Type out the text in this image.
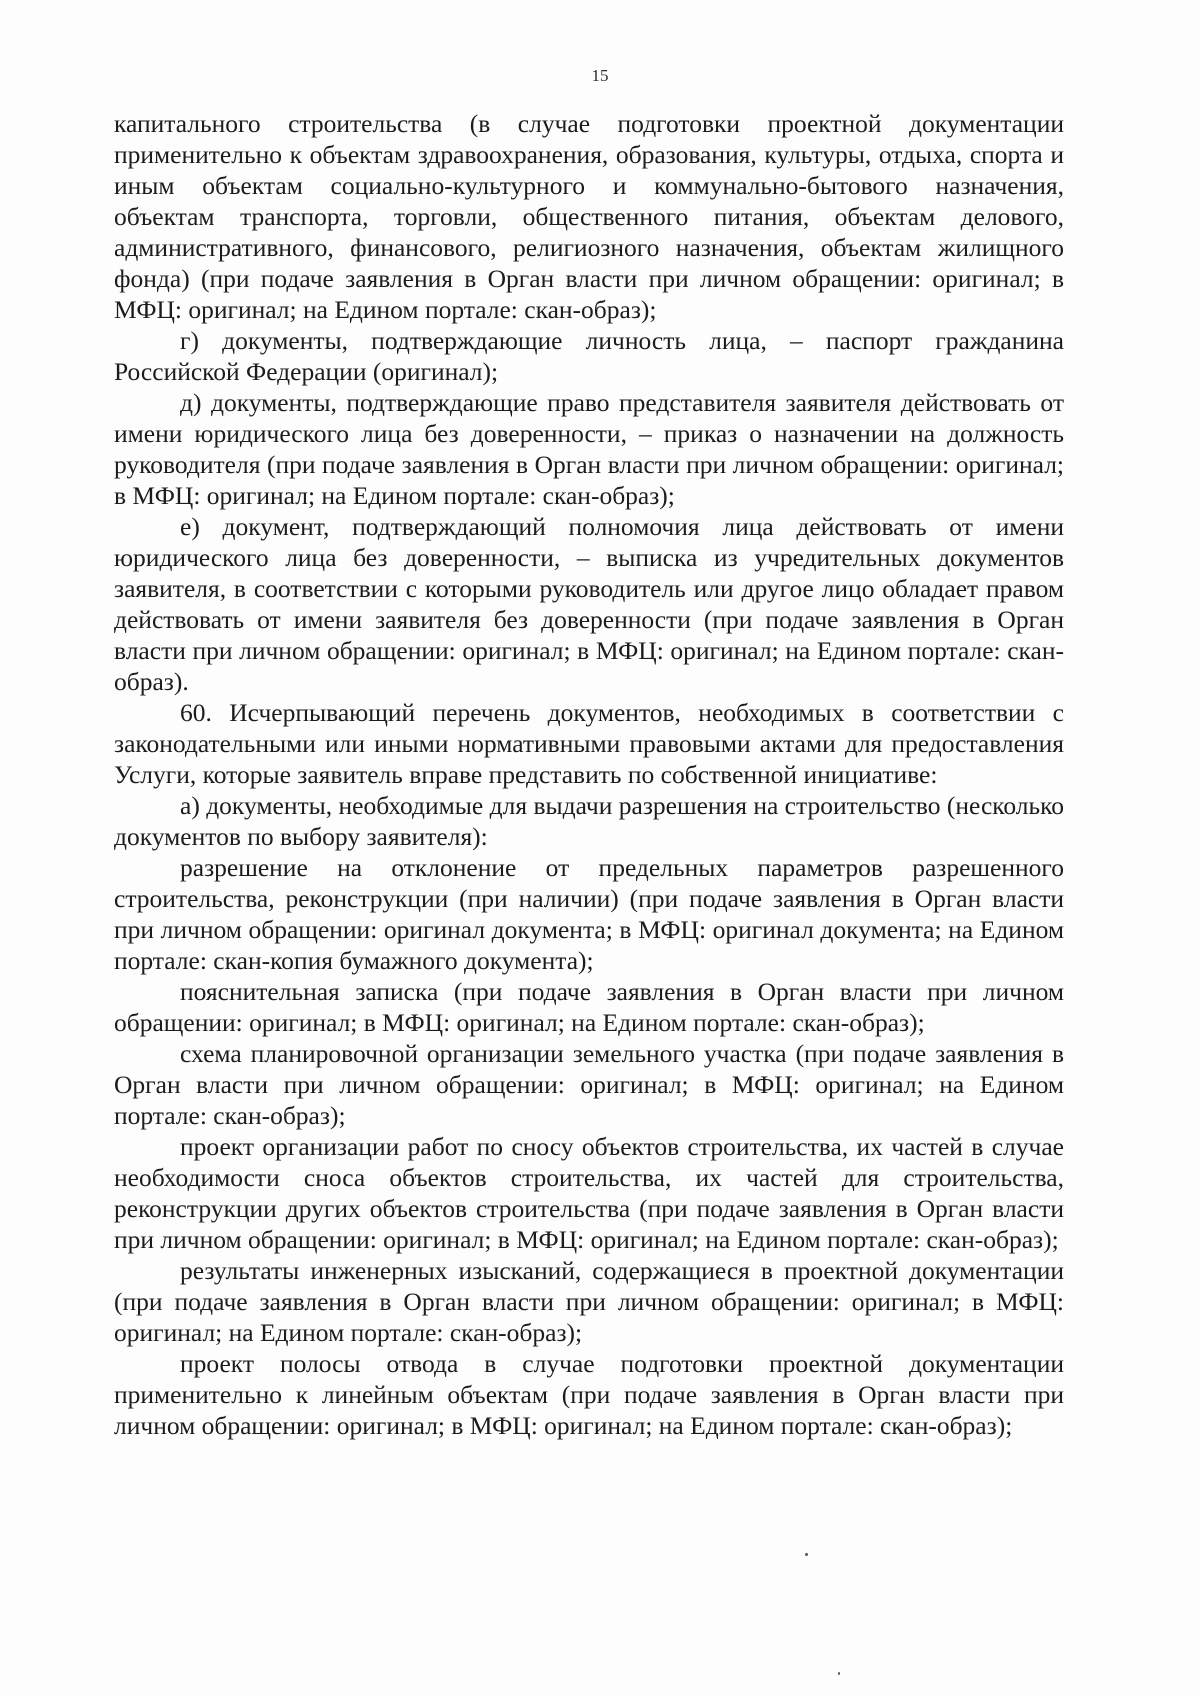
15

капитального строительства (в случае подготовки проектной документации применительно к объектам здравоохранения, образования, культуры, отдыха, спорта и иным объектам социально-культурного и коммунально-бытового назначения, объектам транспорта, торговли, общественного питания, объектам делового, административного, финансового, религиозного назначения, объектам жилищного фонда) (при подаче заявления в Орган власти при личном обращении: оригинал; в МФЦ: оригинал; на Едином портале: скан-образ);

г) документы, подтверждающие личность лица, – паспорт гражданина Российской Федерации (оригинал);

д) документы, подтверждающие право представителя заявителя действовать от имени юридического лица без доверенности, – приказ о назначении на должность руководителя (при подаче заявления в Орган власти при личном обращении: оригинал; в МФЦ: оригинал; на Едином портале: скан-образ);

е) документ, подтверждающий полномочия лица действовать от имени юридического лица без доверенности, – выписка из учредительных документов заявителя, в соответствии с которыми руководитель или другое лицо обладает правом действовать от имени заявителя без доверенности (при подаче заявления в Орган власти при личном обращении: оригинал; в МФЦ: оригинал; на Едином портале: скан-образ).

60. Исчерпывающий перечень документов, необходимых в соответствии с законодательными или иными нормативными правовыми актами для предоставления Услуги, которые заявитель вправе представить по собственной инициативе:

а) документы, необходимые для выдачи разрешения на строительство (несколько документов по выбору заявителя):

разрешение на отклонение от предельных параметров разрешенного строительства, реконструкции (при наличии) (при подаче заявления в Орган власти при личном обращении: оригинал документа; в МФЦ: оригинал документа; на Едином портале: скан-копия бумажного документа);

пояснительная записка (при подаче заявления в Орган власти при личном обращении: оригинал; в МФЦ: оригинал; на Едином портале: скан-образ);

схема планировочной организации земельного участка (при подаче заявления в Орган власти при личном обращении: оригинал; в МФЦ: оригинал; на Едином портале: скан-образ);

проект организации работ по сносу объектов строительства, их частей в случае необходимости сноса объектов строительства, их частей для строительства, реконструкции других объектов строительства (при подаче заявления в Орган власти при личном обращении: оригинал; в МФЦ: оригинал; на Едином портале: скан-образ);

результаты инженерных изысканий, содержащиеся в проектной документации (при подаче заявления в Орган власти при личном обращении: оригинал; в МФЦ: оригинал; на Едином портале: скан-образ);

проект полосы отвода в случае подготовки проектной документации применительно к линейным объектам (при подаче заявления в Орган власти при личном обращении: оригинал; в МФЦ: оригинал; на Едином портале: скан-образ);
